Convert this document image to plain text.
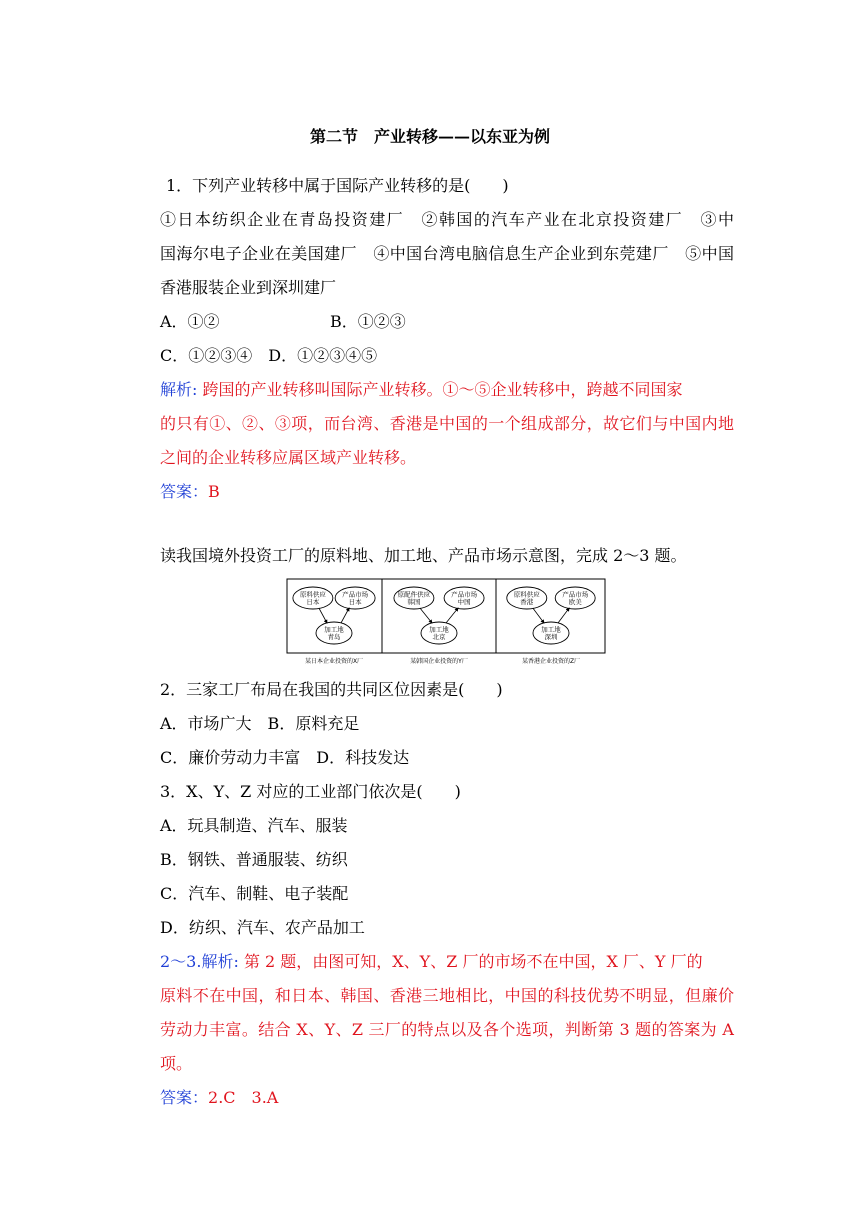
第二节　产业转移——以东亚为例
1．下列产业转移中属于国际产业转移的是(　　)
①日本纺织企业在青岛投资建厂　②韩国的汽车产业在北京投资建厂　③中
国海尔电子企业在美国建厂　④中国台湾电脑信息生产企业到东莞建厂　⑤中国
香港服装企业到深圳建厂
A．①②	B．①②③
C．①②③④　D．①②③④⑤
解析: 跨国的产业转移叫国际产业转移。①～⑤企业转移中，跨越不同国家
的只有①、②、③项，而台湾、香港是中国的一个组成部分，故它们与中国内地
之间的企业转移应属区域产业转移。
答案：B
读我国境外投资工厂的原料地、加工地、产品市场示意图，完成 2～3 题。
原料供应
日本
产品市场
日本
加工地
青岛
某日本企业投资的X厂
原配件供应
韩国
产品市场
中国
加工地
北京
某韩国企业投资的Y厂
原料供应
香港
产品市场
欧美
加工地
深圳
某香港企业投资的Z厂
2．三家工厂布局在我国的共同区位因素是(　　)
A．市场广大　B．原料充足
C．廉价劳动力丰富　D．科技发达
3．X、Y、Z 对应的工业部门依次是(　　)
A．玩具制造、汽车、服装
B．钢铁、普通服装、纺织
C．汽车、制鞋、电子装配
D．纺织、汽车、农产品加工
2～3.解析: 第 2 题，由图可知，X、Y、Z 厂的市场不在中国，X 厂、Y 厂的
原料不在中国，和日本、韩国、香港三地相比，中国的科技优势不明显，但廉价
劳动力丰富。结合 X、Y、Z 三厂的特点以及各个选项，判断第 3 题的答案为 A
项。
答案：2.C　3.A
